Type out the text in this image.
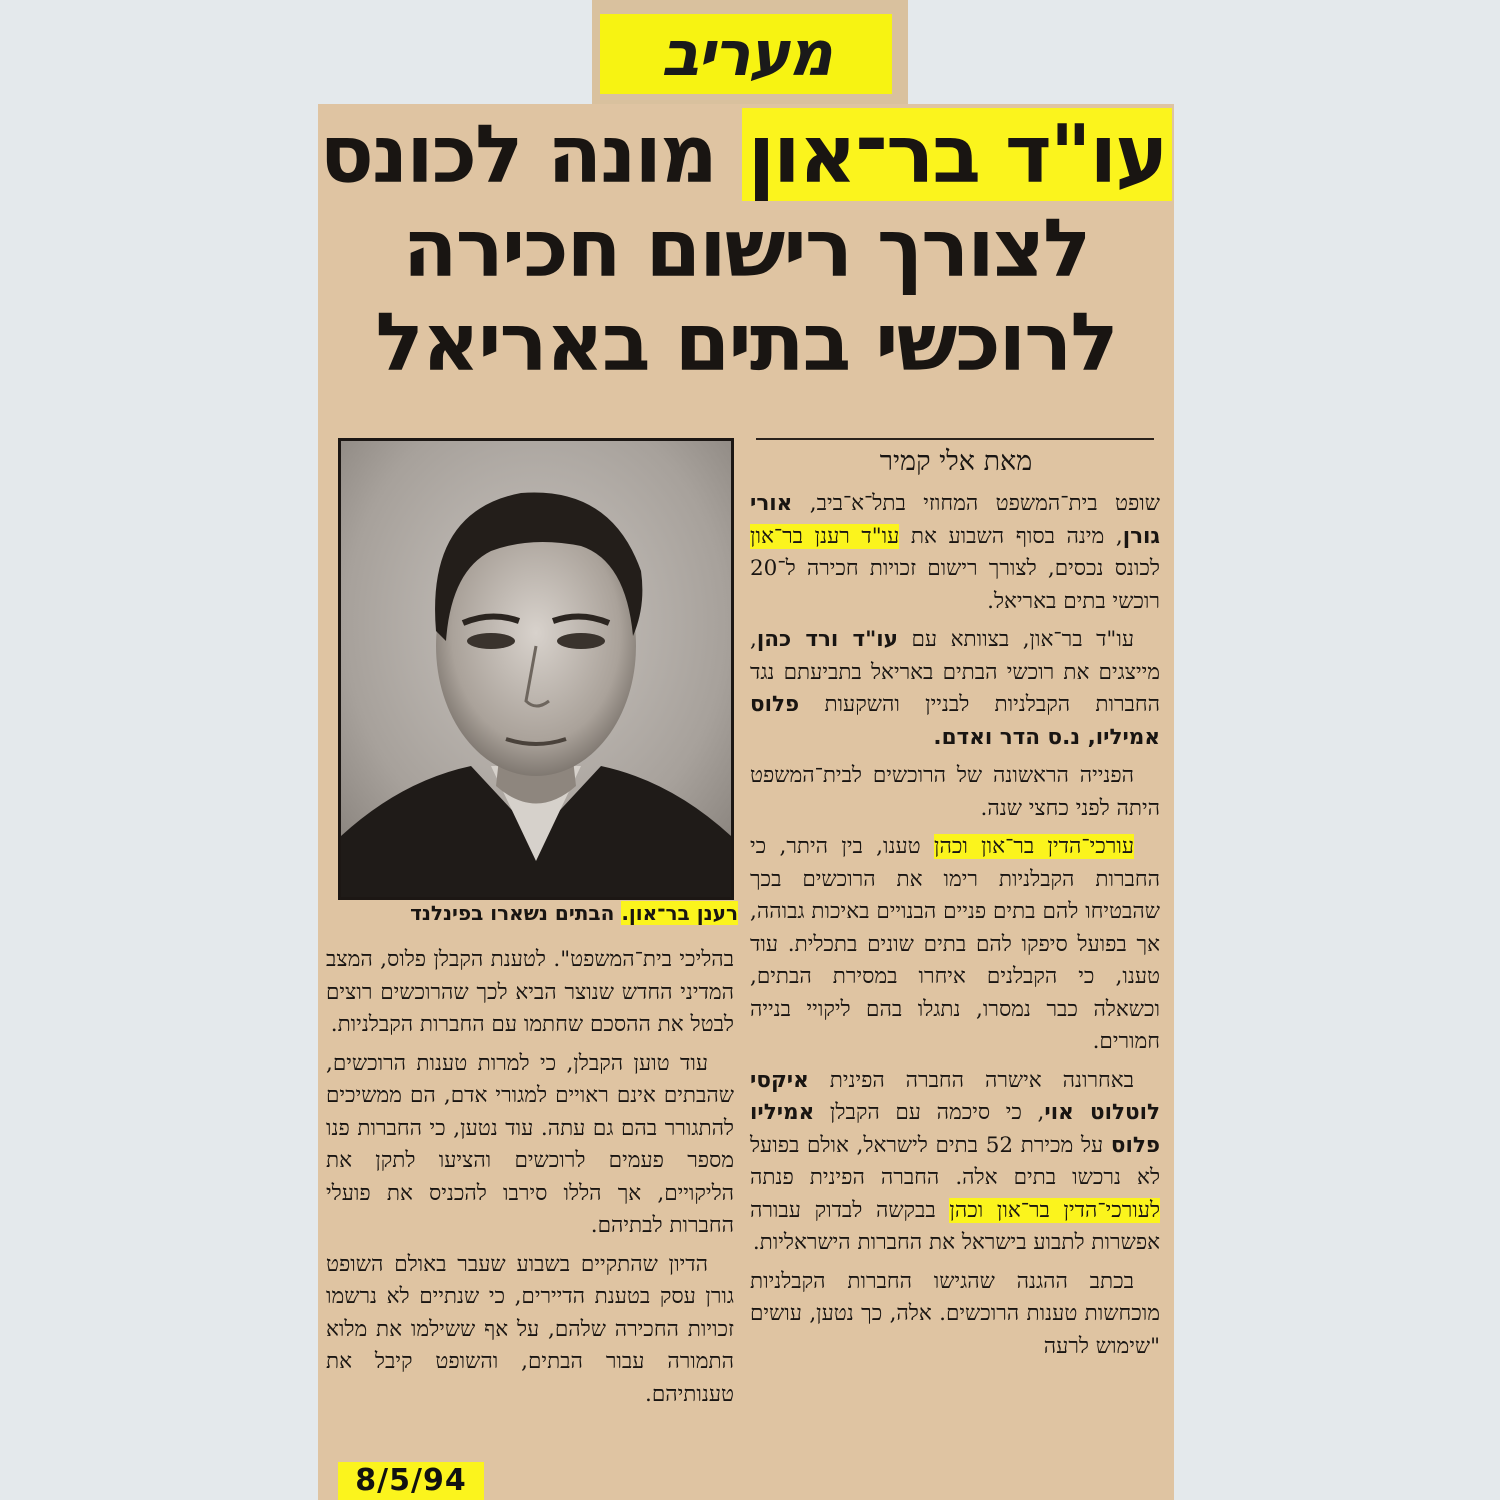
מעריב
עו"ד בר־און מונה לכונס
לצורך רישום חכירה
לרוכשי בתים באריאל
מאת אלי קמיר

שופט בית־המשפט המחוזי בתל־א־ביב, אורי גורן, מינה בסוף השבוע את עו"ד רענן בר־און לכונס נכסים, לצורך רישום זכויות חכירה ל־20 רוכשי בתים באריאל.

עו"ד בר־און, בצוותא עם עו"ד ורד כהן, מייצגים את רוכשי הבתים באריאל בתביעתם נגד החברות הקבלניות לבניין והשקעות פלוס אמיליו, נ.ס הדר ואדם.

הפנייה הראשונה של הרוכשים לבית־המשפט היתה לפני כחצי שנה.

עורכי־הדין בר־און וכהן טענו, בין היתר, כי החברות הקבלניות רימו את הרוכשים בכך שהבטיחו להם בתים פניים הבנויים באיכות גבוהה, אך בפועל סיפקו להם בתים שונים בתכלית. עוד טענו, כי הקבלנים איחרו במסירת הבתים, וכשאלה כבר נמסרו, נתגלו בהם ליקויי בנייה חמורים.

באחרונה אישרה החברה הפינית איקסי לוטלוט אוי, כי סיכמה עם הקבלן אמיליו פלוס על מכירת 52 בתים לישראל, אולם בפועל לא נרכשו בתים אלה. החברה הפינית פנתה לעורכי־הדין בר־און וכהן בבקשה לבדוק עבורה אפשרות לתבוע בישראל את החברות הישראליות.

בכתב ההגנה שהגישו החברות הקבלניות מוכחשות טענות הרוכשים. אלה, כך נטען, עושים "שימוש לרעה

רענן בר־און. הבתים נשארו בפינלנד

בהליכי בית־המשפט". לטענת הקבלן פלוס, המצב המדיני החדש שנוצר הביא לכך שהרוכשים רוצים לבטל את ההסכם שחתמו עם החברות הקבלניות.

עוד טוען הקבלן, כי למרות טענות הרוכשים, שהבתים אינם ראויים למגורי אדם, הם ממשיכים להתגורר בהם גם עתה. עוד נטען, כי החברות פנו מספר פעמים לרוכשים והציעו לתקן את הליקויים, אך הללו סירבו להכניס את פועלי החברות לבתיהם.

הדיון שהתקיים בשבוע שעבר באולם השופט גורן עסק בטענת הדיירים, כי שנתיים לא נרשמו זכויות החכירה שלהם, על אף ששילמו את מלוא התמורה עבור הבתים, והשופט קיבל את טענותיהם.

8/5/94
